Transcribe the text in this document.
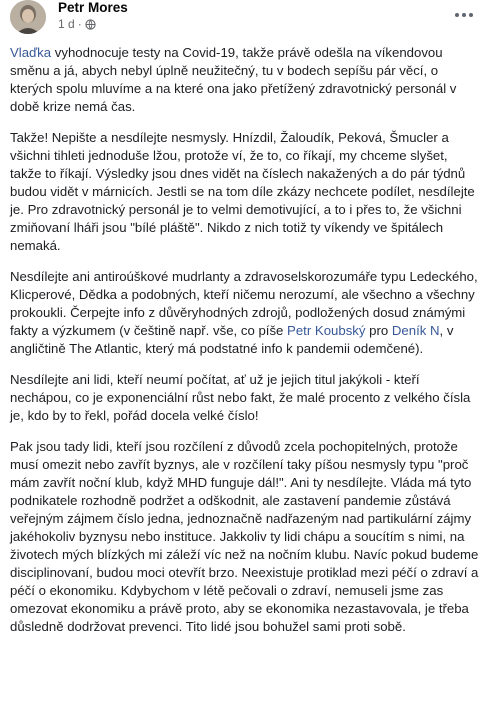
Petr Mores
1 d ·

Vlaďka vyhodnocuje testy na Covid-19, takže právě odešla na víkendovou směnu a já, abych nebyl úplně neužitečný, tu v bodech sepíšu pár věcí, o kterých spolu mluvíme a na které ona jako přetížený zdravotnický personál v době krize nemá čas.

Takže! Nepište a nesdílejte nesmysly. Hnízdil, Žaloudík, Peková, Šmucler a všichni tihleti jednoduše lžou, protože ví, že to, co říkají, my chceme slyšet, takže to říkají. Výsledky jsou dnes vidět na číslech nakažených a do pár týdnů budou vidět v márnicích. Jestli se na tom díle zkázy nechcete podílet, nesdílejte je. Pro zdravotnický personál je to velmi demotivující, a to i přes to, že všichni zmiňovaní lháři jsou "bílé pláště". Nikdo z nich totiž ty víkendy ve špitálech nemaká.

Nesdílejte ani antiroúškové mudrlanty a zdravoselskorozumáře typu Ledeckého, Klicperové, Dědka a podobných, kteří ničemu nerozumí, ale všechno a všechny prokoukli. Čerpejte info z důvěryhodných zdrojů, podložených dosud známými fakty a výzkumem (v češtině např. vše, co píše Petr Koubský pro Deník N, v angličtině The Atlantic, který má podstatné info k pandemii odemčené).

Nesdílejte ani lidi, kteří neumí počítat, ať už je jejich titul jakýkoli - kteří nechápou, co je exponenciální růst nebo fakt, že malé procento z velkého čísla je, kdo by to řekl, pořád docela velké číslo!

Pak jsou tady lidi, kteří jsou rozčílení z důvodů zcela pochopitelných, protože musí omezit nebo zavřít byznys, ale v rozčílení taky píšou nesmysly typu "proč mám zavřít noční klub, když MHD funguje dál!". Ani ty nesdílejte. Vláda má tyto podnikatele rozhodně podržet a odškodnit, ale zastavení pandemie zůstává veřejným zájmem číslo jedna, jednoznačně nadřazeným nad partikulární zájmy jakéhokoliv byznysu nebo instituce. Jakkoliv ty lidi chápu a soucítím s nimi, na životech mých blízkých mi záleží víc než na nočním klubu. Navíc pokud budeme disciplinovaní, budou moci otevřít brzo. Neexistuje protiklad mezi péčí o zdraví a péčí o ekonomiku. Kdybychom v létě pečovali o zdraví, nemuseli jsme zas omezovat ekonomiku a právě proto, aby se ekonomika nezastavovala, je třeba důsledně dodržovat prevenci. Tito lidé jsou bohužel sami proti sobě.
